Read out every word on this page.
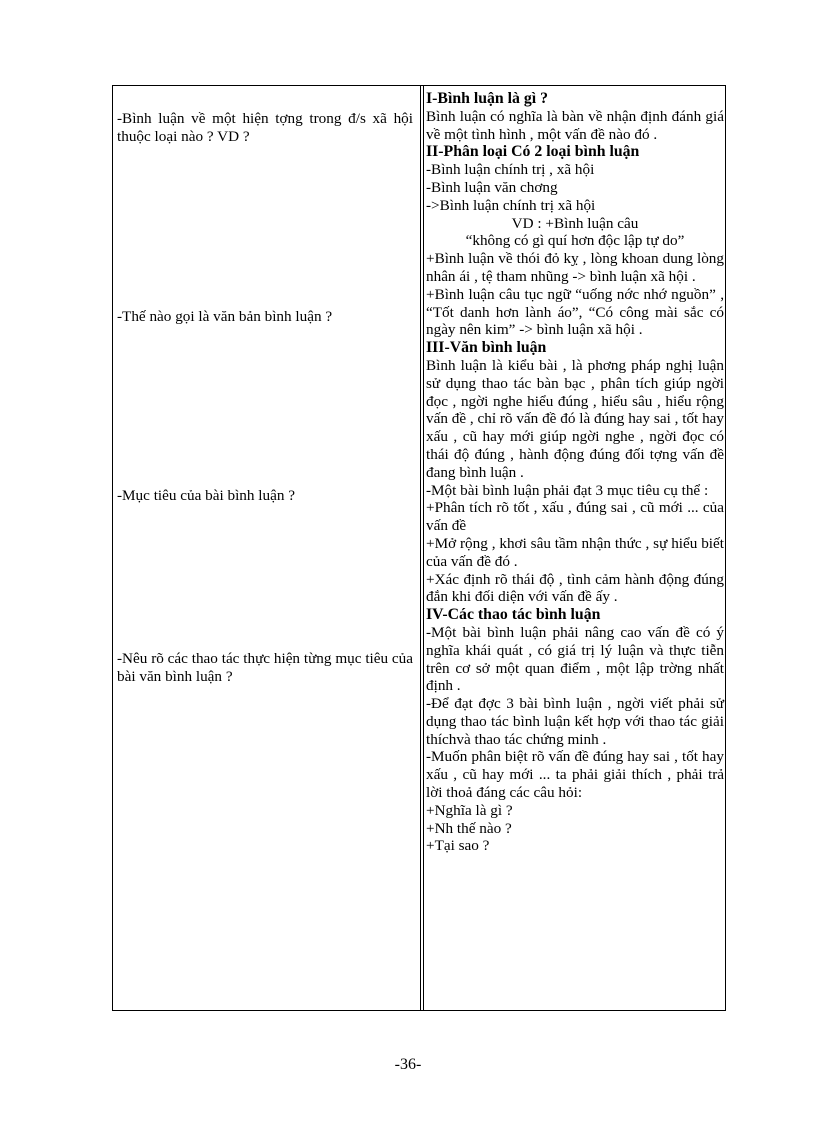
-Bình luận về một hiện tợng trong đ/s xã hội thuộc loại nào ? VD ?
-Thế nào gọi là văn bản bình luận ?
-Mục tiêu của bài bình luận ?
-Nêu rõ các thao tác thực hiện từng mục tiêu của bài văn bình luận ?

I-Bình luận là gì ?

Bình luận có nghĩa là bàn về nhận định đánh giá về một tình hình , một vấn đề nào đó .

II-Phân loại Có 2 loại bình luận

-Bình luận chính trị , xã hội

-Bình luận văn chơng

->Bình luận chính trị xã hội

VD : +Bình luận câu

“không có gì quí hơn độc lập tự do”

+Bình luận về thói đỏ kỵ , lòng khoan dung lòng nhân ái , tệ tham nhũng -> bình luận xã hội .

+Bình luận câu tục ngữ “uống nớc nhớ nguồn” , “Tốt danh hơn lành áo”, “Có công mài sắc có ngày nên kim” -> bình luận xã hội .

III-Văn bình luận

Bình luận là kiểu bài , là phơng pháp nghị luận sử dụng thao tác bàn bạc , phân tích giúp ngời đọc , ngời nghe hiểu đúng , hiểu sâu , hiểu rộng vấn đề , chỉ rõ vấn đề đó là đúng hay sai , tốt hay xấu , cũ hay mới giúp ngời nghe , ngời đọc có thái độ đúng , hành động đúng đối tợng vấn đề đang bình luận .

-Một bài bình luận phải đạt 3 mục tiêu cụ thể :

+Phân tích rõ tốt , xấu , đúng sai , cũ mới ... của vấn đề

+Mở rộng , khơi sâu tầm nhận thức , sự hiểu biết của vấn đề đó .

+Xác định rõ thái độ , tình cảm hành động đúng đắn khi đối diện với vấn đề ấy .

IV-Các thao tác bình luận

-Một bài bình luận phải nâng cao vấn đề có ý nghĩa khái quát , có giá trị lý luận và thực tiễn trên cơ sở một quan điểm , một lập trờng nhất định .

-Để đạt đợc 3 bài bình luận , ngời viết phải sử dụng thao tác bình luận kết hợp với thao tác giải thíchvà thao tác chứng minh .

-Muốn phân biệt rõ vấn đề đúng hay sai , tốt hay xấu , cũ hay mới ... ta phải giải thích , phải trả lời thoả đáng các câu hỏi:

+Nghĩa là gì ?

+Nh thế nào ?

+Tại sao ?

-36-
